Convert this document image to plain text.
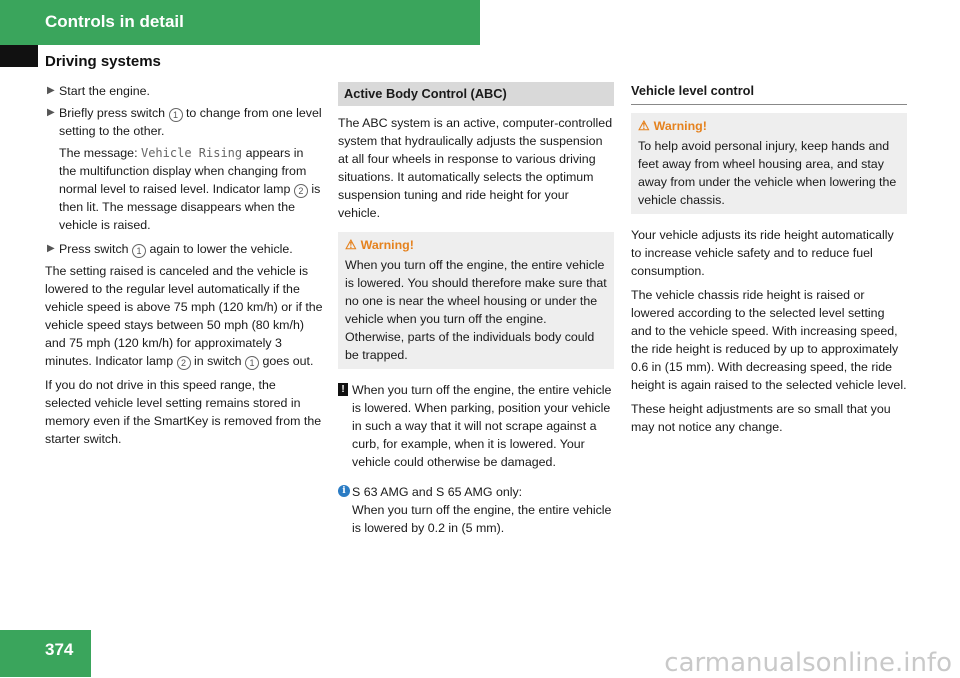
Controls in detail
Driving systems
▶ Start the engine.
▶ Briefly press switch 1 to change from one level setting to the other.

The message: Vehicle Rising appears in the multifunction display when changing from normal level to raised level. Indicator lamp 2 is then lit. The message disappears when the vehicle is raised.

▶ Press switch 1 again to lower the vehicle.

The setting raised is canceled and the vehicle is lowered to the regular level automatically if the vehicle speed is above 75 mph (120 km/h) or if the vehicle speed stays between 50 mph (80 km/h) and 75 mph (120 km/h) for approximately 3 minutes. Indicator lamp 2 in switch 1 goes out.

If you do not drive in this speed range, the selected vehicle level setting remains stored in memory even if the SmartKey is removed from the starter switch.

Active Body Control (ABC)

The ABC system is an active, computer-controlled system that hydraulically adjusts the suspension at all four wheels in response to various driving situations. It automatically selects the optimum suspension tuning and ride height for your vehicle.

⚠ Warning!
When you turn off the engine, the entire vehicle is lowered. You should therefore make sure that no one is near the wheel housing or under the vehicle when you turn off the engine. Otherwise, parts of the individuals body could be trapped.
! When you turn off the engine, the entire vehicle is lowered. When parking, position your vehicle in such a way that it will not scrape against a curb, for example, when it is lowered. Your vehicle could otherwise be damaged.
i S 63 AMG and S 65 AMG only:
When you turn off the engine, the entire vehicle is lowered by 0.2 in (5 mm).
Vehicle level control
⚠ Warning!
To help avoid personal injury, keep hands and feet away from wheel housing area, and stay away from under the vehicle when lowering the vehicle chassis.

Your vehicle adjusts its ride height automatically to increase vehicle safety and to reduce fuel consumption.

The vehicle chassis ride height is raised or lowered according to the selected level setting and to the vehicle speed. With increasing speed, the ride height is reduced by up to approximately 0.6 in (15 mm). With decreasing speed, the ride height is again raised to the selected vehicle level.

These height adjustments are so small that you may not notice any change.

374	carmanualsonline.info
